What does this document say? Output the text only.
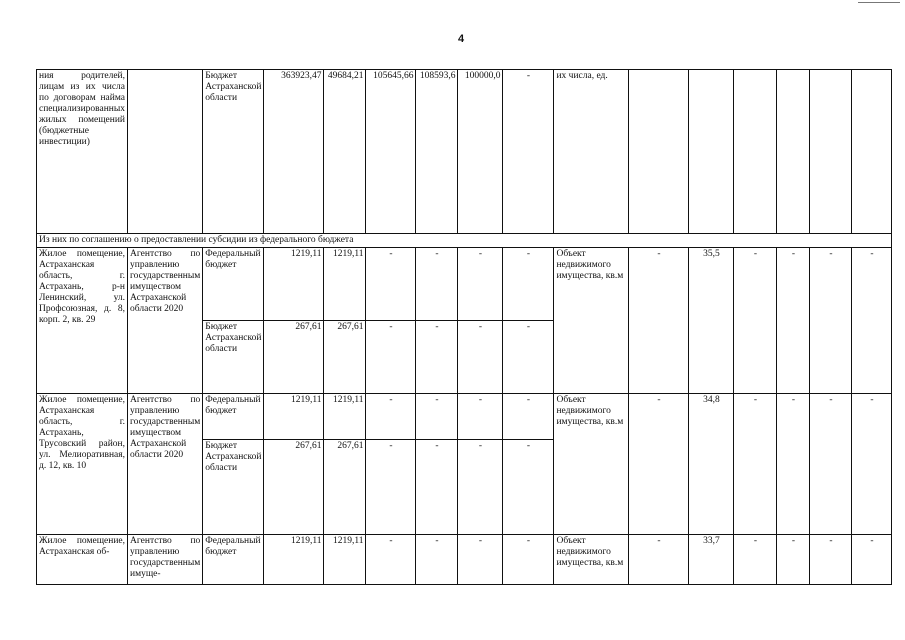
4
ния родителей, лицам из их числа по договорам найма специализированных жилых помещений (бюджетные инвестиции)		Бюджет Астраханской области	363923,47	49684,21	105645,66	108593,6	100000,0	-	их числа, ед.						
Из них по соглашению о предоставлении субсидии из федерального бюджета															
Жилое помещение, Астраханская область, г. Астрахань, р-н Ленинский, ул. Профсоюзная, д. 8, корп. 2, кв. 29	Агентство по управлению государственным имуществом Астраханской области 2020	Федеральный бюджет	1219,11	1219,11	-	-	-	-	Объект недвижимого имущества, кв.м	-	35,5	-	-	-	-
		Бюджет Астраханской области	267,61	267,61	-	-	-	-							
Жилое помещение, Астраханская область, г. Астрахань, Трусовский район, ул. Мелиоративная, д. 12, кв. 10	Агентство по управлению государственным имуществом Астраханской области 2020	Федеральный бюджет	1219,11	1219,11	-	-	-	-	Объект недвижимого имущества, кв.м	-	34,8	-	-	-	-
		Бюджет Астраханской области	267,61	267,61	-	-	-	-							
Жилое помещение, Астраханская об-	Агентство по управлению государственным имуще-	Федеральный бюджет	1219,11	1219,11	-	-	-	-	Объект недвижимого имущества, кв.м	-	33,7	-	-	-	-
